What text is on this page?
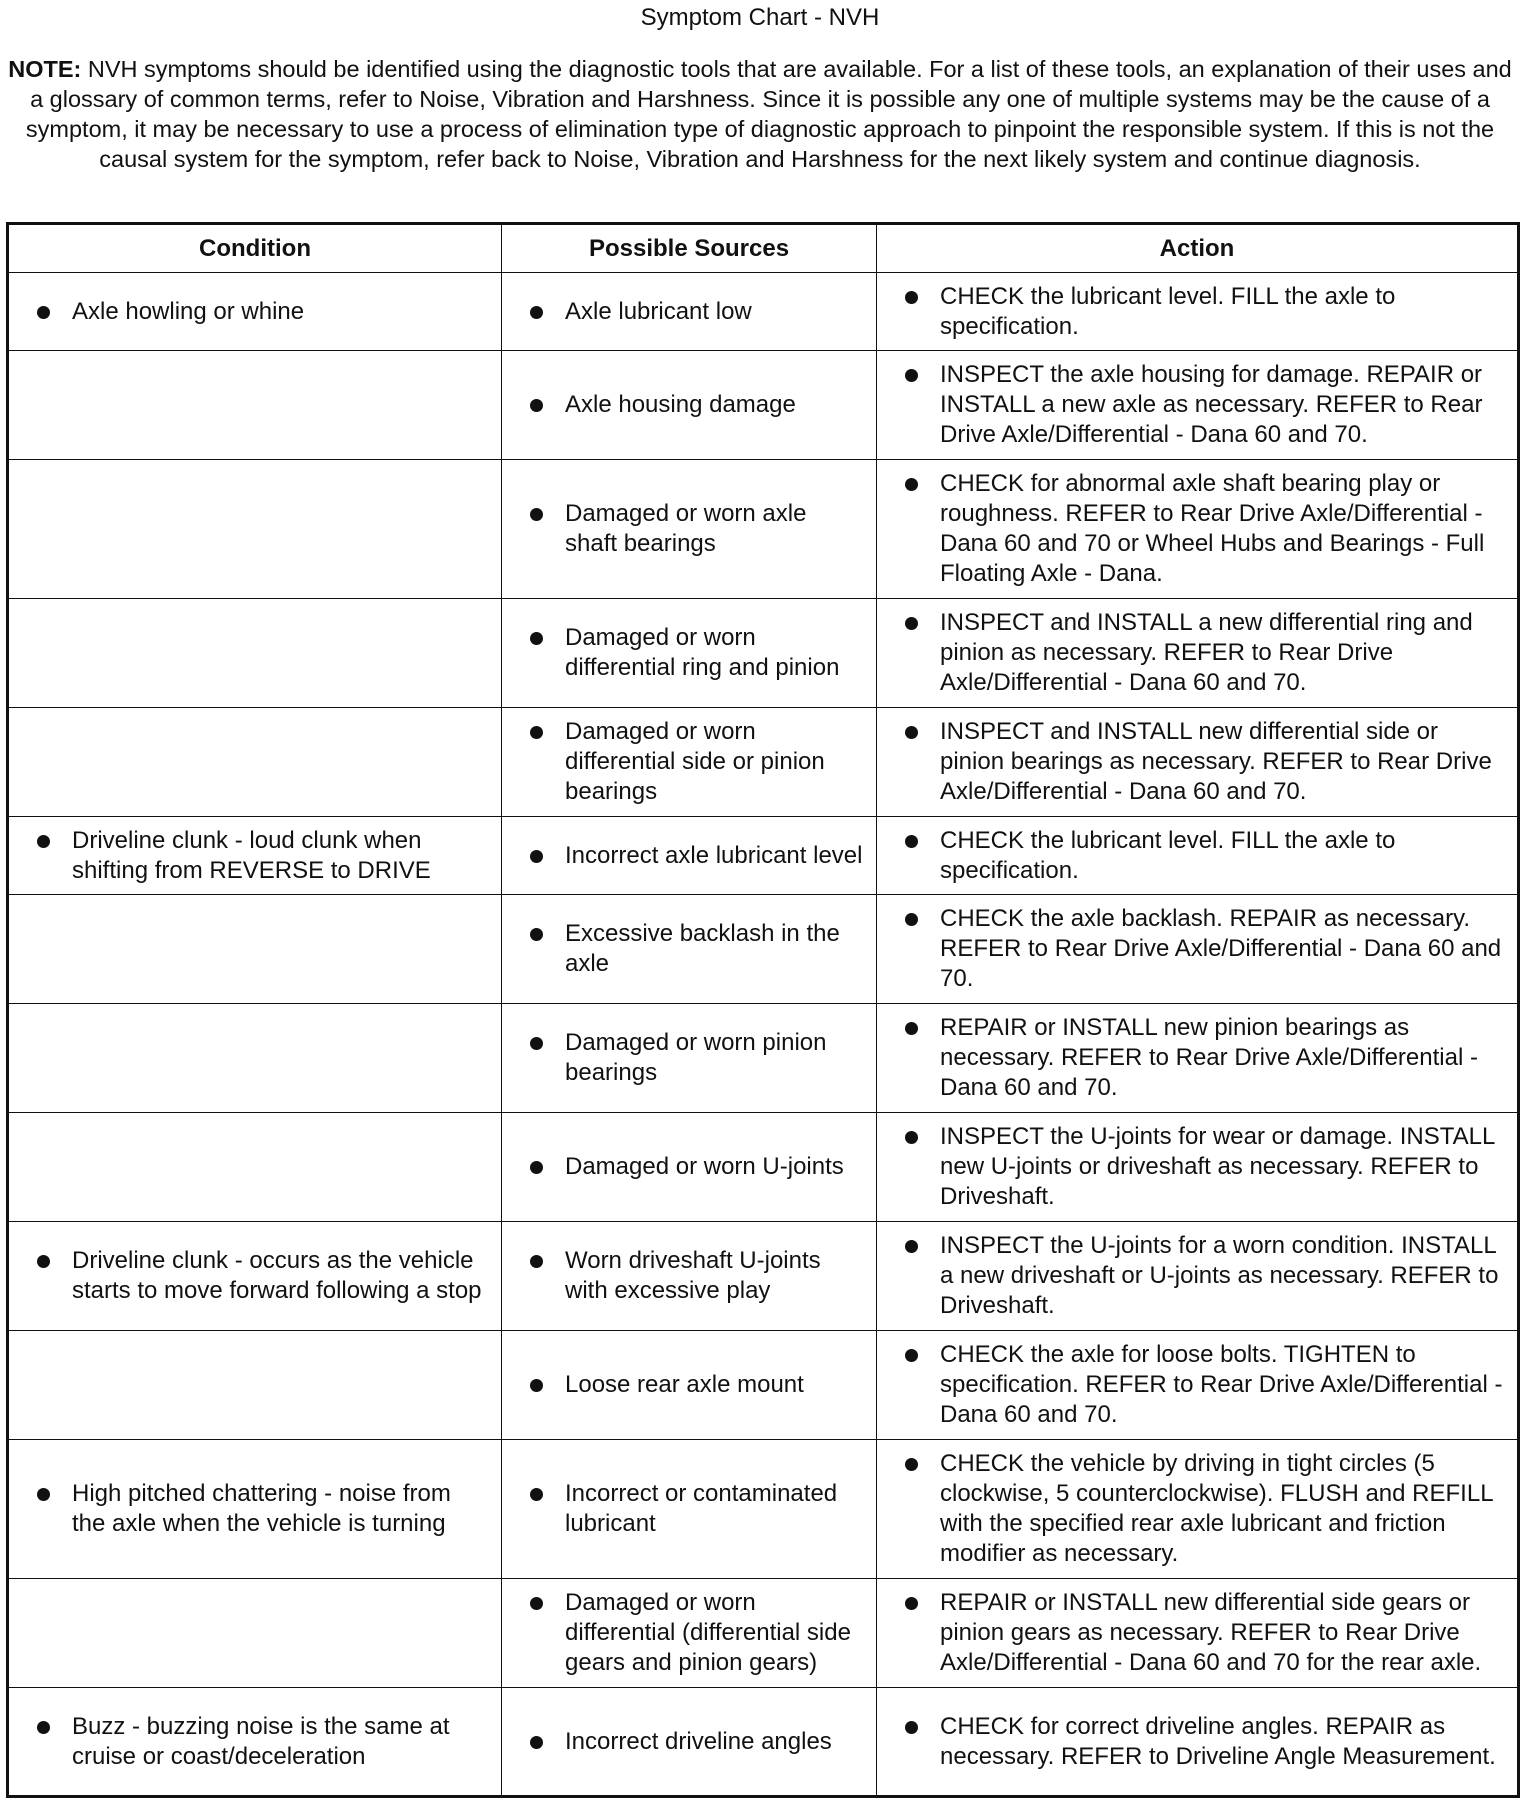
Symptom Chart - NVH
NOTE: NVH symptoms should be identified using the diagnostic tools that are available. For a list of these tools, an explanation of their uses and a glossary of common terms, refer to Noise, Vibration and Harshness. Since it is possible any one of multiple systems may be the cause of a symptom, it may be necessary to use a process of elimination type of diagnostic approach to pinpoint the responsible system. If this is not the causal system for the symptom, refer back to Noise, Vibration and Harshness for the next likely system and continue diagnosis.
Condition	Possible Sources	Action

Axle howling or whine	Axle lubricant low	CHECK the lubricant level. FILL the axle to specification.

	Axle housing damage	INSPECT the axle housing for damage. REPAIR or INSTALL a new axle as necessary. REFER to Rear Drive Axle/Differential - Dana 60 and 70.

	Damaged or worn axle shaft bearings	CHECK for abnormal axle shaft bearing play or roughness. REFER to Rear Drive Axle/Differential - Dana 60 and 70 or Wheel Hubs and Bearings - Full Floating Axle - Dana.

	Damaged or worn differential ring and pinion	INSPECT and INSTALL a new differential ring and pinion as necessary. REFER to Rear Drive Axle/Differential - Dana 60 and 70.

	Damaged or worn differential side or pinion bearings	INSPECT and INSTALL new differential side or pinion bearings as necessary. REFER to Rear Drive Axle/Differential - Dana 60 and 70.

Driveline clunk - loud clunk when shifting from REVERSE to DRIVE	Incorrect axle lubricant level	CHECK the lubricant level. FILL the axle to specification.

	Excessive backlash in the axle	CHECK the axle backlash. REPAIR as necessary. REFER to Rear Drive Axle/Differential - Dana 60 and 70.

	Damaged or worn pinion bearings	REPAIR or INSTALL new pinion bearings as necessary. REFER to Rear Drive Axle/Differential - Dana 60 and 70.

	Damaged or worn U-joints	INSPECT the U-joints for wear or damage. INSTALL new U-joints or driveshaft as necessary. REFER to Driveshaft.

Driveline clunk - occurs as the vehicle starts to move forward following a stop	Worn driveshaft U-joints with excessive play	INSPECT the U-joints for a worn condition. INSTALL a new driveshaft or U-joints as necessary. REFER to Driveshaft.

	Loose rear axle mount	CHECK the axle for loose bolts. TIGHTEN to specification. REFER to Rear Drive Axle/Differential - Dana 60 and 70.

High pitched chattering - noise from the axle when the vehicle is turning	Incorrect or contaminated lubricant	CHECK the vehicle by driving in tight circles (5 clockwise, 5 counterclockwise). FLUSH and REFILL with the specified rear axle lubricant and friction modifier as necessary.

	Damaged or worn differential (differential side gears and pinion gears)	REPAIR or INSTALL new differential side gears or pinion gears as necessary. REFER to Rear Drive Axle/Differential - Dana 60 and 70 for the rear axle.

Buzz - buzzing noise is the same at cruise or coast/deceleration	Incorrect driveline angles	CHECK for correct driveline angles. REPAIR as necessary. REFER to Driveline Angle Measurement.
